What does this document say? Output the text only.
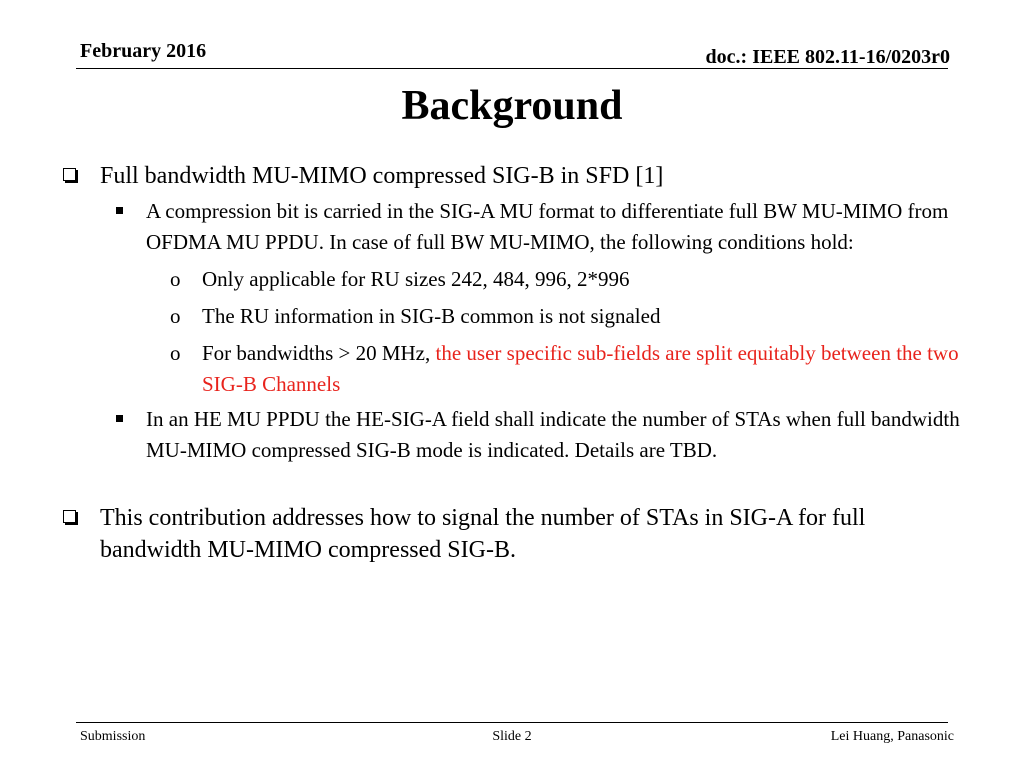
February 2016	doc.: IEEE 802.11-16/0203r0
Background
Full bandwidth MU-MIMO compressed SIG-B in SFD [1]
A compression bit is carried in the SIG-A MU format to differentiate full BW MU-MIMO from OFDMA MU PPDU. In case of full BW MU-MIMO, the following conditions hold:
o Only applicable for RU sizes 242, 484, 996, 2*996
o The RU information in SIG-B common is not signaled
o For bandwidths > 20 MHz, the user specific sub-fields are split equitably between the two SIG-B Channels
In an HE MU PPDU the HE-SIG-A field shall indicate the number of STAs when full bandwidth MU-MIMO compressed SIG-B mode is indicated. Details are TBD.
This contribution addresses how to signal the number of STAs in SIG-A for full bandwidth MU-MIMO compressed SIG-B.
Submission	Slide 2	Lei Huang, Panasonic
